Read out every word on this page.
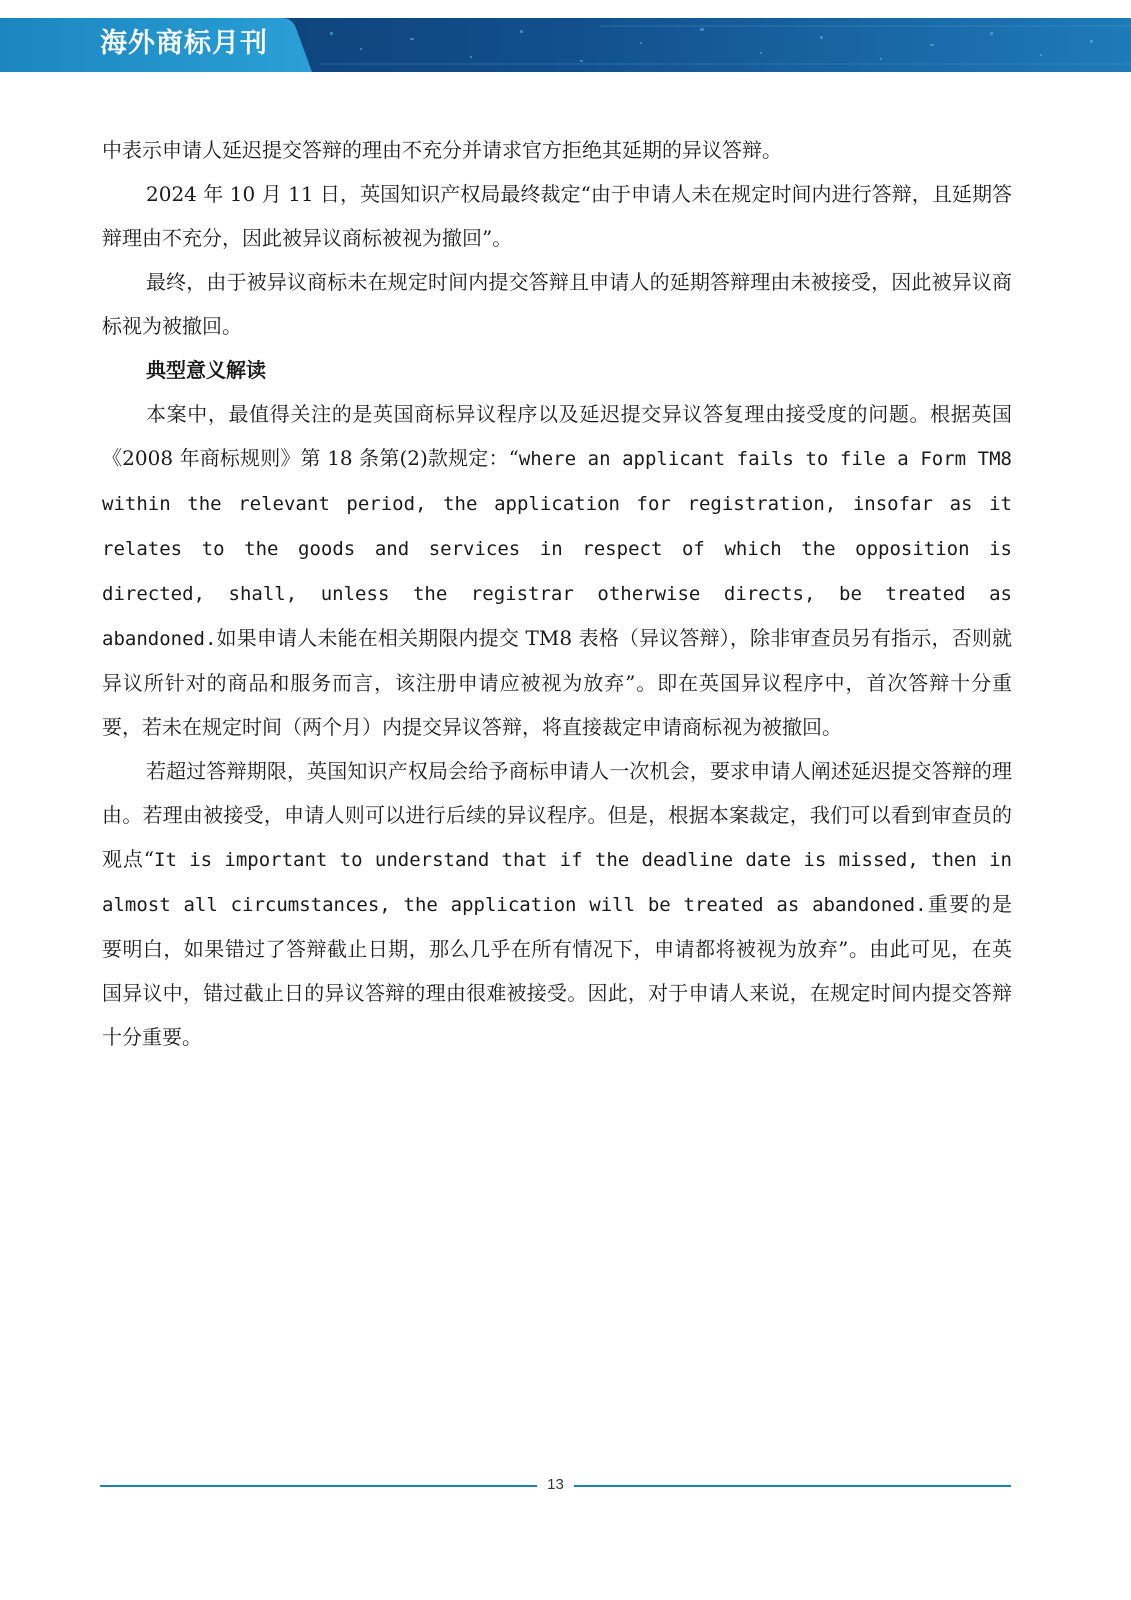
海外商标月刊

中表示申请人延迟提交答辩的理由不充分并请求官方拒绝其延期的异议答辩。

2024 年 10 月 11 日，英国知识产权局最终裁定“由于申请人未在规定时间内进行答辩，且延期答辩理由不充分，因此被异议商标被视为撤回”。

最终，由于被异议商标未在规定时间内提交答辩且申请人的延期答辩理由未被接受，因此被异议商标视为被撤回。

典型意义解读

本案中，最值得关注的是英国商标异议程序以及延迟提交异议答复理由接受度的问题。根据英国《2008 年商标规则》第 18 条第(2)款规定：“where an applicant fails to file a Form TM8 within the relevant period, the application for registration, insofar as it relates to the goods and services in respect of which the opposition is directed, shall, unless the registrar otherwise directs, be treated as abandoned.如果申请人未能在相关期限内提交 TM8 表格（异议答辩），除非审查员另有指示，否则就异议所针对的商品和服务而言，该注册申请应被视为放弃”。即在英国异议程序中，首次答辩十分重要，若未在规定时间（两个月）内提交异议答辩，将直接裁定申请商标视为被撤回。

若超过答辩期限，英国知识产权局会给予商标申请人一次机会，要求申请人阐述延迟提交答辩的理由。若理由被接受，申请人则可以进行后续的异议程序。但是，根据本案裁定，我们可以看到审查员的观点“It is important to understand that if the deadline date is missed, then in almost all circumstances, the application will be treated as abandoned.重要的是要明白，如果错过了答辩截止日期，那么几乎在所有情况下，申请都将被视为放弃”。由此可见，在英国异议中，错过截止日的异议答辩的理由很难被接受。因此，对于申请人来说，在规定时间内提交答辩十分重要。

13
